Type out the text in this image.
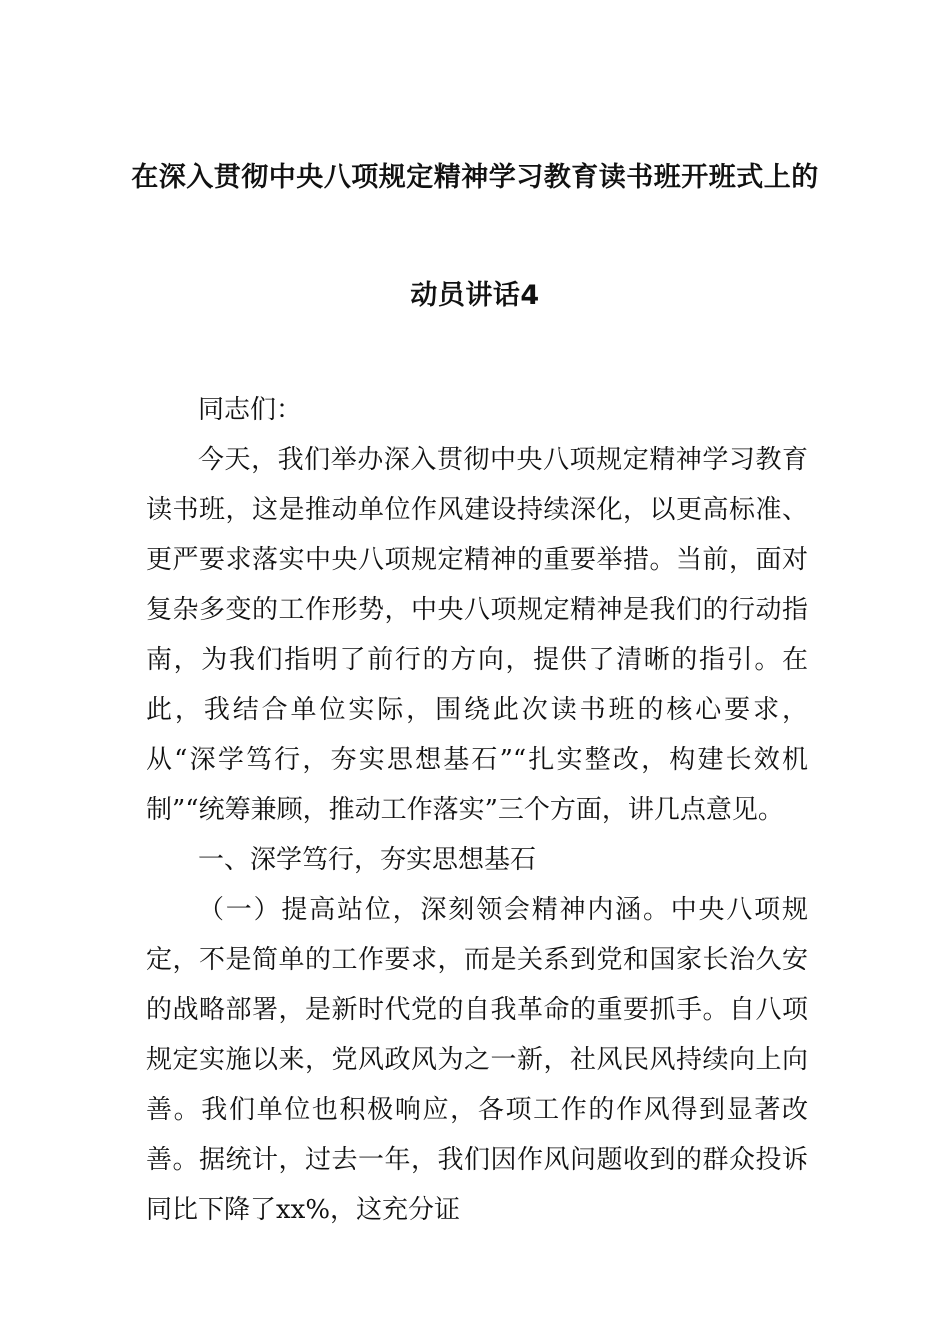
在深入贯彻中央八项规定精神学习教育读书班开班式上的
动员讲话4

同志们：

今天，我们举办深入贯彻中央八项规定精神学习教育读书班，这是推动单位作风建设持续深化，以更高标准、更严要求落实中央八项规定精神的重要举措。当前，面对复杂多变的工作形势，中央八项规定精神是我们的行动指南，为我们指明了前行的方向，提供了清晰的指引。在此，我结合单位实际，围绕此次读书班的核心要求，从“深学笃行，夯实思想基石”“扎实整改，构建长效机制”“统筹兼顾，推动工作落实”三个方面，讲几点意见。

一、深学笃行，夯实思想基石

（一）提高站位，深刻领会精神内涵。中央八项规定，不是简单的工作要求，而是关系到党和国家长治久安的战略部署，是新时代党的自我革命的重要抓手。自八项规定实施以来，党风政风为之一新，社风民风持续向上向善。我们单位也积极响应，各项工作的作风得到显著改善。据统计，过去一年，我们因作风问题收到的群众投诉同比下降了xx%，这充分证
